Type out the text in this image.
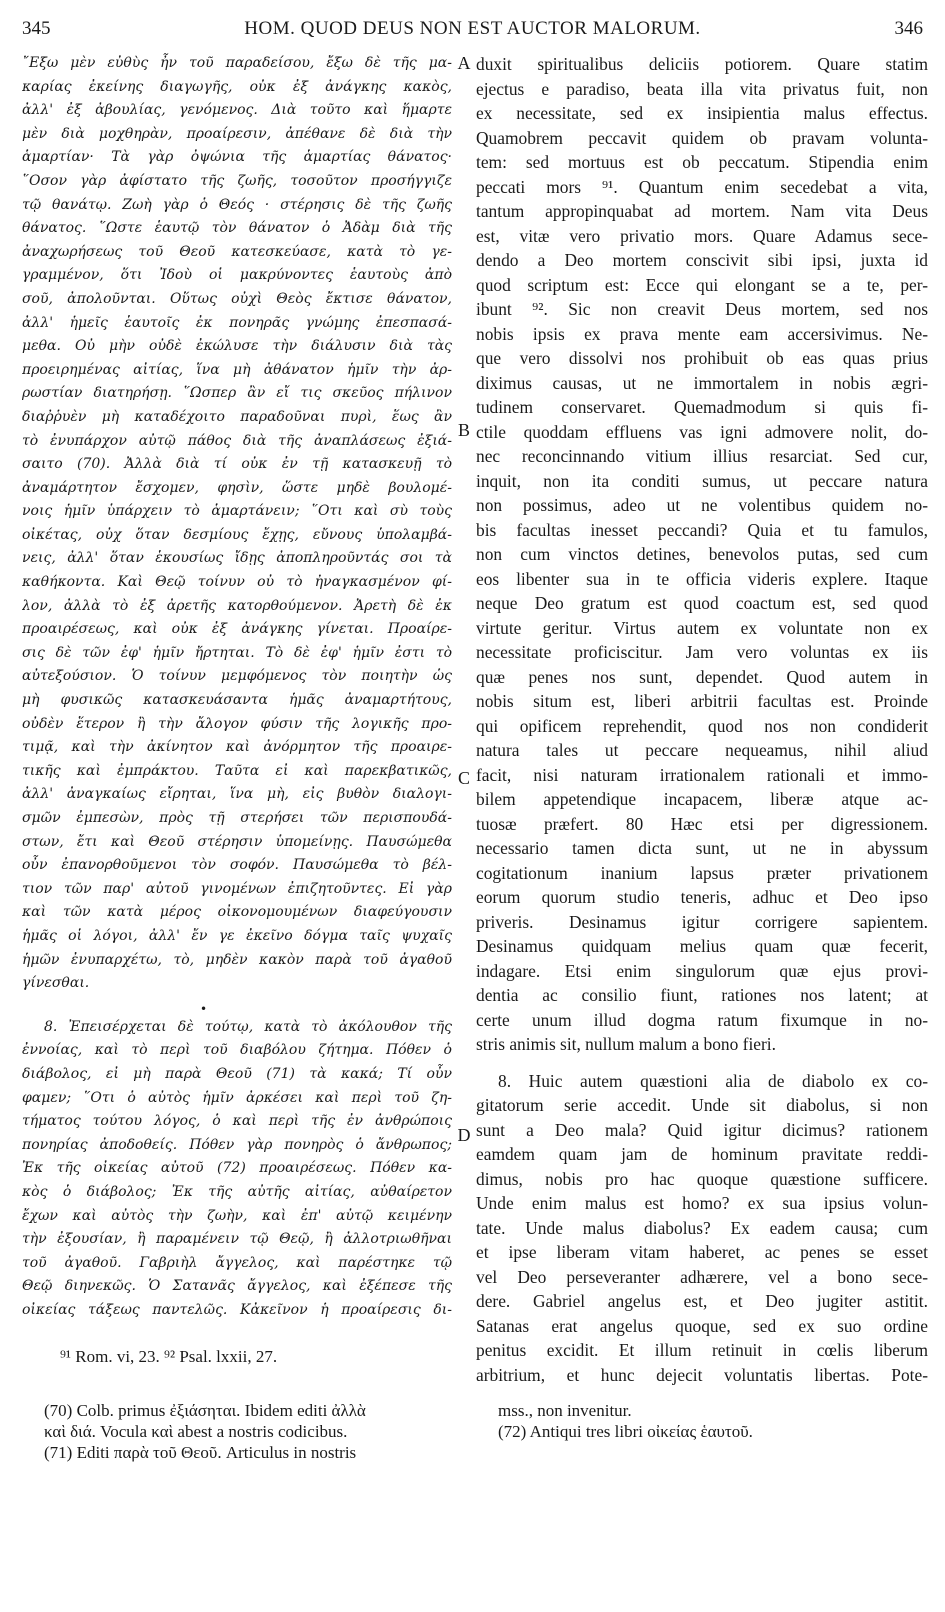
345	HOM. QUOD DEUS NON EST AUCTOR MALORUM.	346
῎Εξω μὲν εὐθὺς ἦν τοῦ παραδείσου, ἔξω δὲ τῆς μα-
καρίας ἐκείνης διαγωγῆς, οὐκ ἐξ ἀνάγκης κακὸς,
ἀλλ' ἐξ ἀβουλίας, γενόμενος. Διὰ τοῦτο καὶ ἥμαρτε
μὲν διὰ μοχθηρὰν, προαίρεσιν, ἀπέθανε δὲ διὰ τὴν
ἁμαρτίαν· Τὰ γὰρ ὀψώνια τῆς ἁμαρτίας θάνατος·
῞Οσον γὰρ ἀφίστατο τῆς ζωῆς, τοσοῦτον προσήγγιζε
τῷ θανάτῳ. Ζωὴ γὰρ ὁ Θεός · στέρησις δὲ τῆς ζωῆς
θάνατος. ῞Ωστε ἑαυτῷ τὸν θάνατον ὁ Ἀδὰμ διὰ τῆς
ἀναχωρήσεως τοῦ Θεοῦ κατεσκεύασε, κατὰ τὸ γε-
γραμμένον, ὅτι Ἰδοὺ οἱ μακρύνοντες ἑαυτοὺς ἀπὸ
σοῦ, ἀπολοῦνται. Οὕτως οὐχὶ Θεὸς ἔκτισε θάνατον,
ἀλλ' ἡμεῖς ἑαυτοῖς ἐκ πονηρᾶς γνώμης ἐπεσπασά-
μεθα. Οὐ μὴν οὐδὲ ἐκώλυσε τὴν διάλυσιν διὰ τὰς
προειρημένας αἰτίας, ἵνα μὴ ἀθάνατον ἡμῖν τὴν ἀρ-
ρωστίαν διατηρήσῃ. ῞Ωσπερ ἂν εἴ τις σκεῦος πήλινον
διαῤῥυὲν μὴ καταδέχοιτο παραδοῦναι πυρὶ, ἕως ἂν
τὸ ἐνυπάρχον αὐτῷ πάθος διὰ τῆς ἀναπλάσεως ἐξιά-
σαιτο (70). Ἀλλὰ διὰ τί οὐκ ἐν τῇ κατασκευῇ τὸ
ἀναμάρτητον ἔσχομεν, φησὶν, ὥστε μηδὲ βουλομέ-
νοις ἡμῖν ὑπάρχειν τὸ ἁμαρτάνειν; ῞Οτι καὶ σὺ τοὺς
οἰκέτας, οὐχ ὅταν δεσμίους ἔχῃς, εὔνους ὑπολαμβά-
νεις, ἀλλ' ὅταν ἑκουσίως ἴδῃς ἀποπληροῦντάς σοι τὰ
καθήκοντα. Καὶ Θεῷ τοίνυν οὐ τὸ ἠναγκασμένον φί-
λον, ἀλλὰ τὸ ἐξ ἀρετῆς κατορθούμενον. Ἀρετὴ δὲ ἐκ
προαιρέσεως, καὶ οὐκ ἐξ ἀνάγκης γίνεται. Προαίρε-
σις δὲ τῶν ἐφ' ἡμῖν ἤρτηται. Τὸ δὲ ἐφ' ἡμῖν ἐστι τὸ
αὐτεξούσιον. Ὁ τοίνυν μεμφόμενος τὸν ποιητὴν ὡς
μὴ φυσικῶς κατασκευάσαντα ἡμᾶς ἀναμαρτήτους,
οὐδὲν ἕτερον ἢ τὴν ἄλογον φύσιν τῆς λογικῆς προ-
τιμᾷ, καὶ τὴν ἀκίνητον καὶ ἀνόρμητον τῆς προαιρε-
τικῆς καὶ ἐμπράκτου. Ταῦτα εἰ καὶ παρεκβατικῶς,
ἀλλ' ἀναγκαίως εἴρηται, ἵνα μὴ, εἰς βυθὸν διαλογι-
σμῶν ἐμπεσὼν, πρὸς τῇ στερήσει τῶν περισπουδά-
στων, ἔτι καὶ Θεοῦ στέρησιν ὑπομείνῃς. Παυσώμεθα
οὖν ἐπανορθοῦμενοι τὸν σοφόν. Παυσώμεθα τὸ βέλ-
τιον τῶν παρ' αὐτοῦ γινομένων ἐπιζητοῦντες. Εἰ γὰρ
καὶ τῶν κατὰ μέρος οἰκονομουμένων διαφεύγουσιν
ἡμᾶς οἱ λόγοι, ἀλλ' ἔν γε ἐκεῖνο δόγμα ταῖς ψυχαῖς
ἡμῶν ἐνυπαρχέτω, τὸ, μηδὲν κακὸν παρὰ τοῦ ἀγαθοῦ
γίνεσθαι.
•
8. Ἐπεισέρχεται δὲ τούτῳ, κατὰ τὸ ἀκόλουθον τῆς
ἐννοίας, καὶ τὸ περὶ τοῦ διαβόλου ζήτημα. Πόθεν ὁ
διάβολος, εἰ μὴ παρὰ Θεοῦ (71) τὰ κακά; Τί οὖν
φαμεν; ῞Οτι ὁ αὐτὸς ἡμῖν ἀρκέσει καὶ περὶ τοῦ ζη-
τήματος τούτου λόγος, ὁ καὶ περὶ τῆς ἐν ἀνθρώποις
πονηρίας ἀποδοθείς. Πόθεν γὰρ πονηρὸς ὁ ἄνθρωπος;
Ἐκ τῆς οἰκείας αὐτοῦ (72) προαιρέσεως. Πόθεν κα-
κὸς ὁ διάβολος; Ἐκ τῆς αὐτῆς αἰτίας, αὐθαίρετον
ἔχων καὶ αὐτὸς τὴν ζωὴν, καὶ ἐπ' αὐτῷ κειμένην
τὴν ἐξουσίαν, ἢ παραμένειν τῷ Θεῷ, ἢ ἀλλοτριωθῆναι
τοῦ ἀγαθοῦ. Γαβριὴλ ἄγγελος, καὶ παρέστηκε τῷ
Θεῷ διηνεκῶς. Ὁ Σατανᾶς ἄγγελος, καὶ ἐξέπεσε τῆς
οἰκείας τάξεως παντελῶς. Κἀκεῖνον ἡ προαίρεσις δι-
duxit spiritualibus deliciis potiorem. Quare statim
ejectus e paradiso, beata illa vita privatus fuit, non
ex necessitate, sed ex insipientia malus effectus.
Quamobrem peccavit quidem ob pravam volunta-
tem: sed mortuus est ob peccatum. Stipendia enim
peccati mors ⁹¹. Quantum enim secedebat a vita,
tantum appropinquabat ad mortem. Nam vita Deus
est, vitæ vero privatio mors. Quare Adamus sece-
dendo a Deo mortem conscivit sibi ipsi, juxta id
quod scriptum est: Ecce qui elongant se a te, per-
ibunt ⁹². Sic non creavit Deus mortem, sed nos
nobis ipsis ex prava mente eam accersivimus. Ne-
que vero dissolvi nos prohibuit ob eas quas prius
diximus causas, ut ne immortalem in nobis ægri-
tudinem conservaret. Quemadmodum si quis fi-
ctile quoddam effluens vas igni admovere nolit, do-
nec reconcinnando vitium illius resarciat. Sed cur,
inquit, non ita conditi sumus, ut peccare natura
non possimus, adeo ut ne volentibus quidem no-
bis facultas inesset peccandi? Quia et tu famulos,
non cum vinctos detines, benevolos putas, sed cum
eos libenter sua in te officia videris explere. Itaque
neque Deo gratum est quod coactum est, sed quod
virtute geritur. Virtus autem ex voluntate non ex
necessitate proficiscitur. Jam vero voluntas ex iis
quæ penes nos sunt, dependet. Quod autem in
nobis situm est, liberi arbitrii facultas est. Proinde
qui opificem reprehendit, quod nos non condiderit
natura tales ut peccare nequeamus, nihil aliud
facit, nisi naturam irrationalem rationali et immo-
bilem appetendique incapacem, liberæ atque ac-
tuosæ præfert. 80 Hæc etsi per digressionem.
necessario tamen dicta sunt, ut ne in abyssum
cogitationum inanium lapsus præter privationem
eorum quorum studio teneris, adhuc et Deo ipso
priveris. Desinamus igitur corrigere sapientem.
Desinamus quidquam melius quam quæ fecerit,
indagare. Etsi enim singulorum quæ ejus provi-
dentia ac consilio fiunt, rationes nos latent; at
certe unum illud dogma ratum fixumque in no-
stris animis sit, nullum malum a bono fieri.
8. Huic autem quæstioni alia de diabolo ex co-
gitatorum serie accedit. Unde sit diabolus, si non
sunt a Deo mala? Quid igitur dicimus? rationem
eamdem quam jam de hominum pravitate reddi-
dimus, nobis pro hac quoque quæstione sufficere.
Unde enim malus est homo? ex sua ipsius volun-
tate. Unde malus diabolus? Ex eadem causa; cum
et ipse liberam vitam haberet, ac penes se esset
vel Deo perseveranter adhærere, vel a bono sece-
dere. Gabriel angelus est, et Deo jugiter astitit.
Satanas erat angelus quoque, sed ex suo ordine
penitus excidit. Et illum retinuit in cœlis liberum
arbitrium, et hunc dejecit voluntatis libertas. Pote-
A
B
C
D
⁹¹ Rom. vi, 23. ⁹² Psal. lxxii, 27.
(70) Colb. primus ἐξιάσηται. Ibidem editi ἀλλὰ
καὶ διά. Vocula καὶ abest a nostris codicibus.
(71) Editi παρὰ τοῦ Θεοῦ. Articulus in nostris
mss., non invenitur.
(72) Antiqui tres libri οἰκείας ἑαυτοῦ.
